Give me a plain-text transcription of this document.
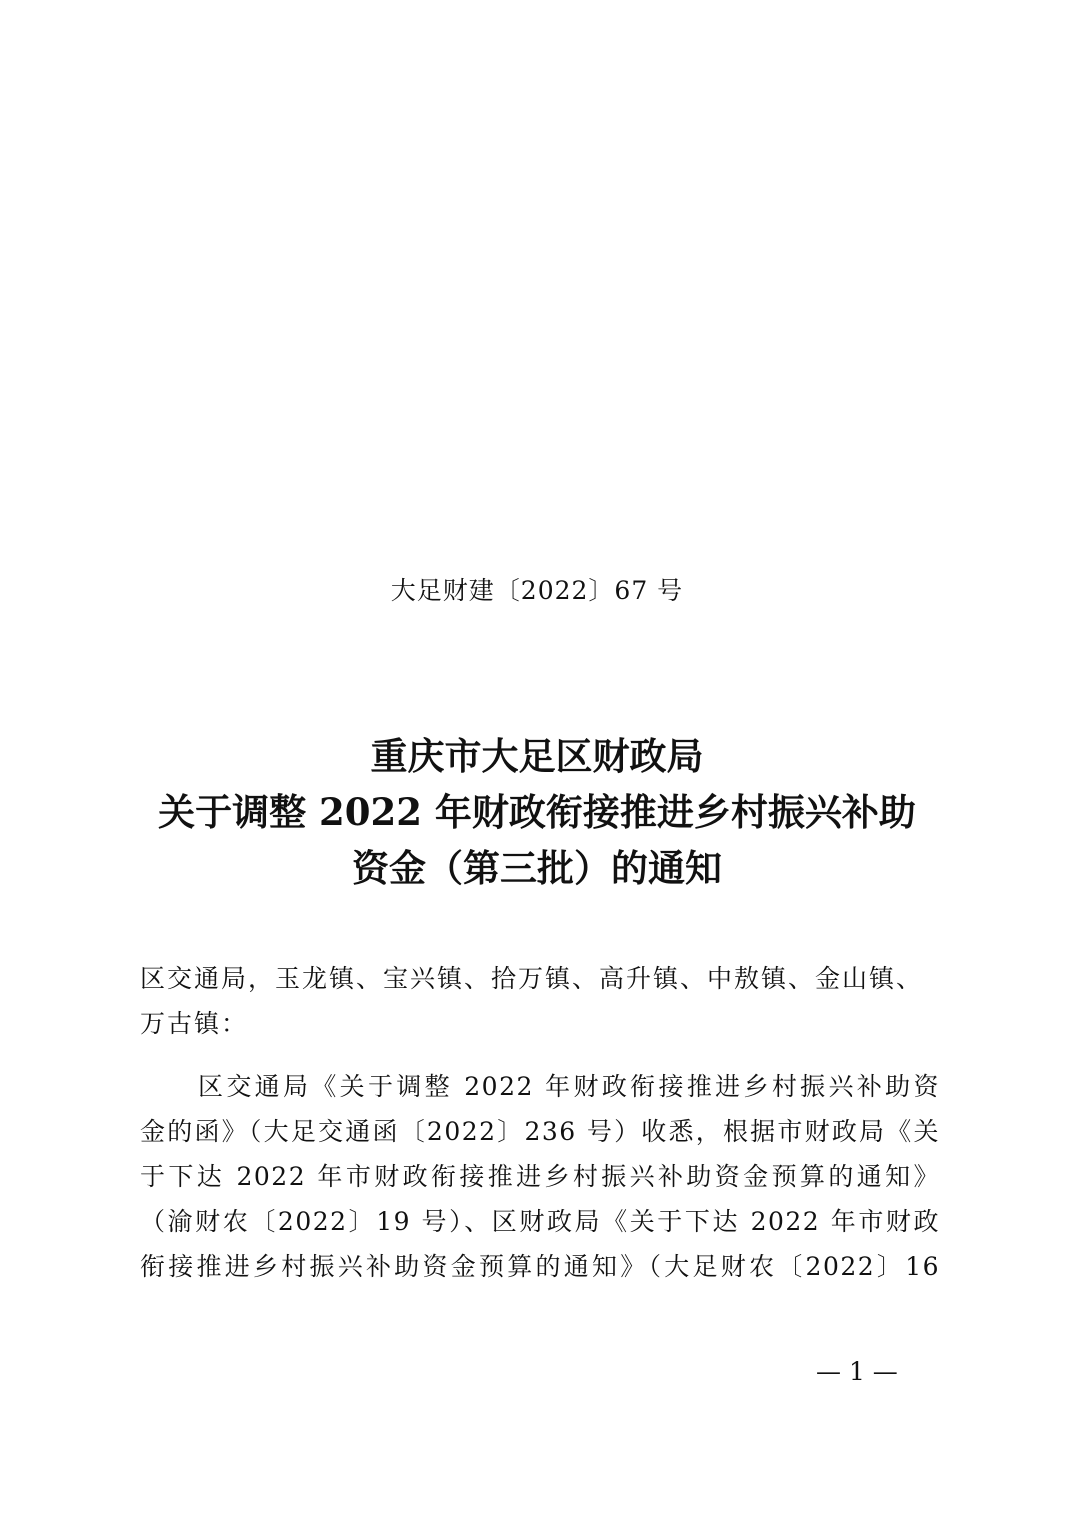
大足财建〔2022〕67 号
重庆市大足区财政局
关于调整 2022 年财政衔接推进乡村振兴补助
资金（第三批）的通知
区交通局，玉龙镇、宝兴镇、拾万镇、高升镇、中敖镇、金山镇、
万古镇：
区交通局《关于调整 2022 年财政衔接推进乡村振兴补助资
金的函》（大足交通函〔2022〕236 号）收悉，根据市财政局《关
于下达 2022 年市财政衔接推进乡村振兴补助资金预算的通知》
（渝财农〔2022〕19 号）、区财政局《关于下达 2022 年市财政
衔接推进乡村振兴补助资金预算的通知》（大足财农〔2022〕16
— 1 —
